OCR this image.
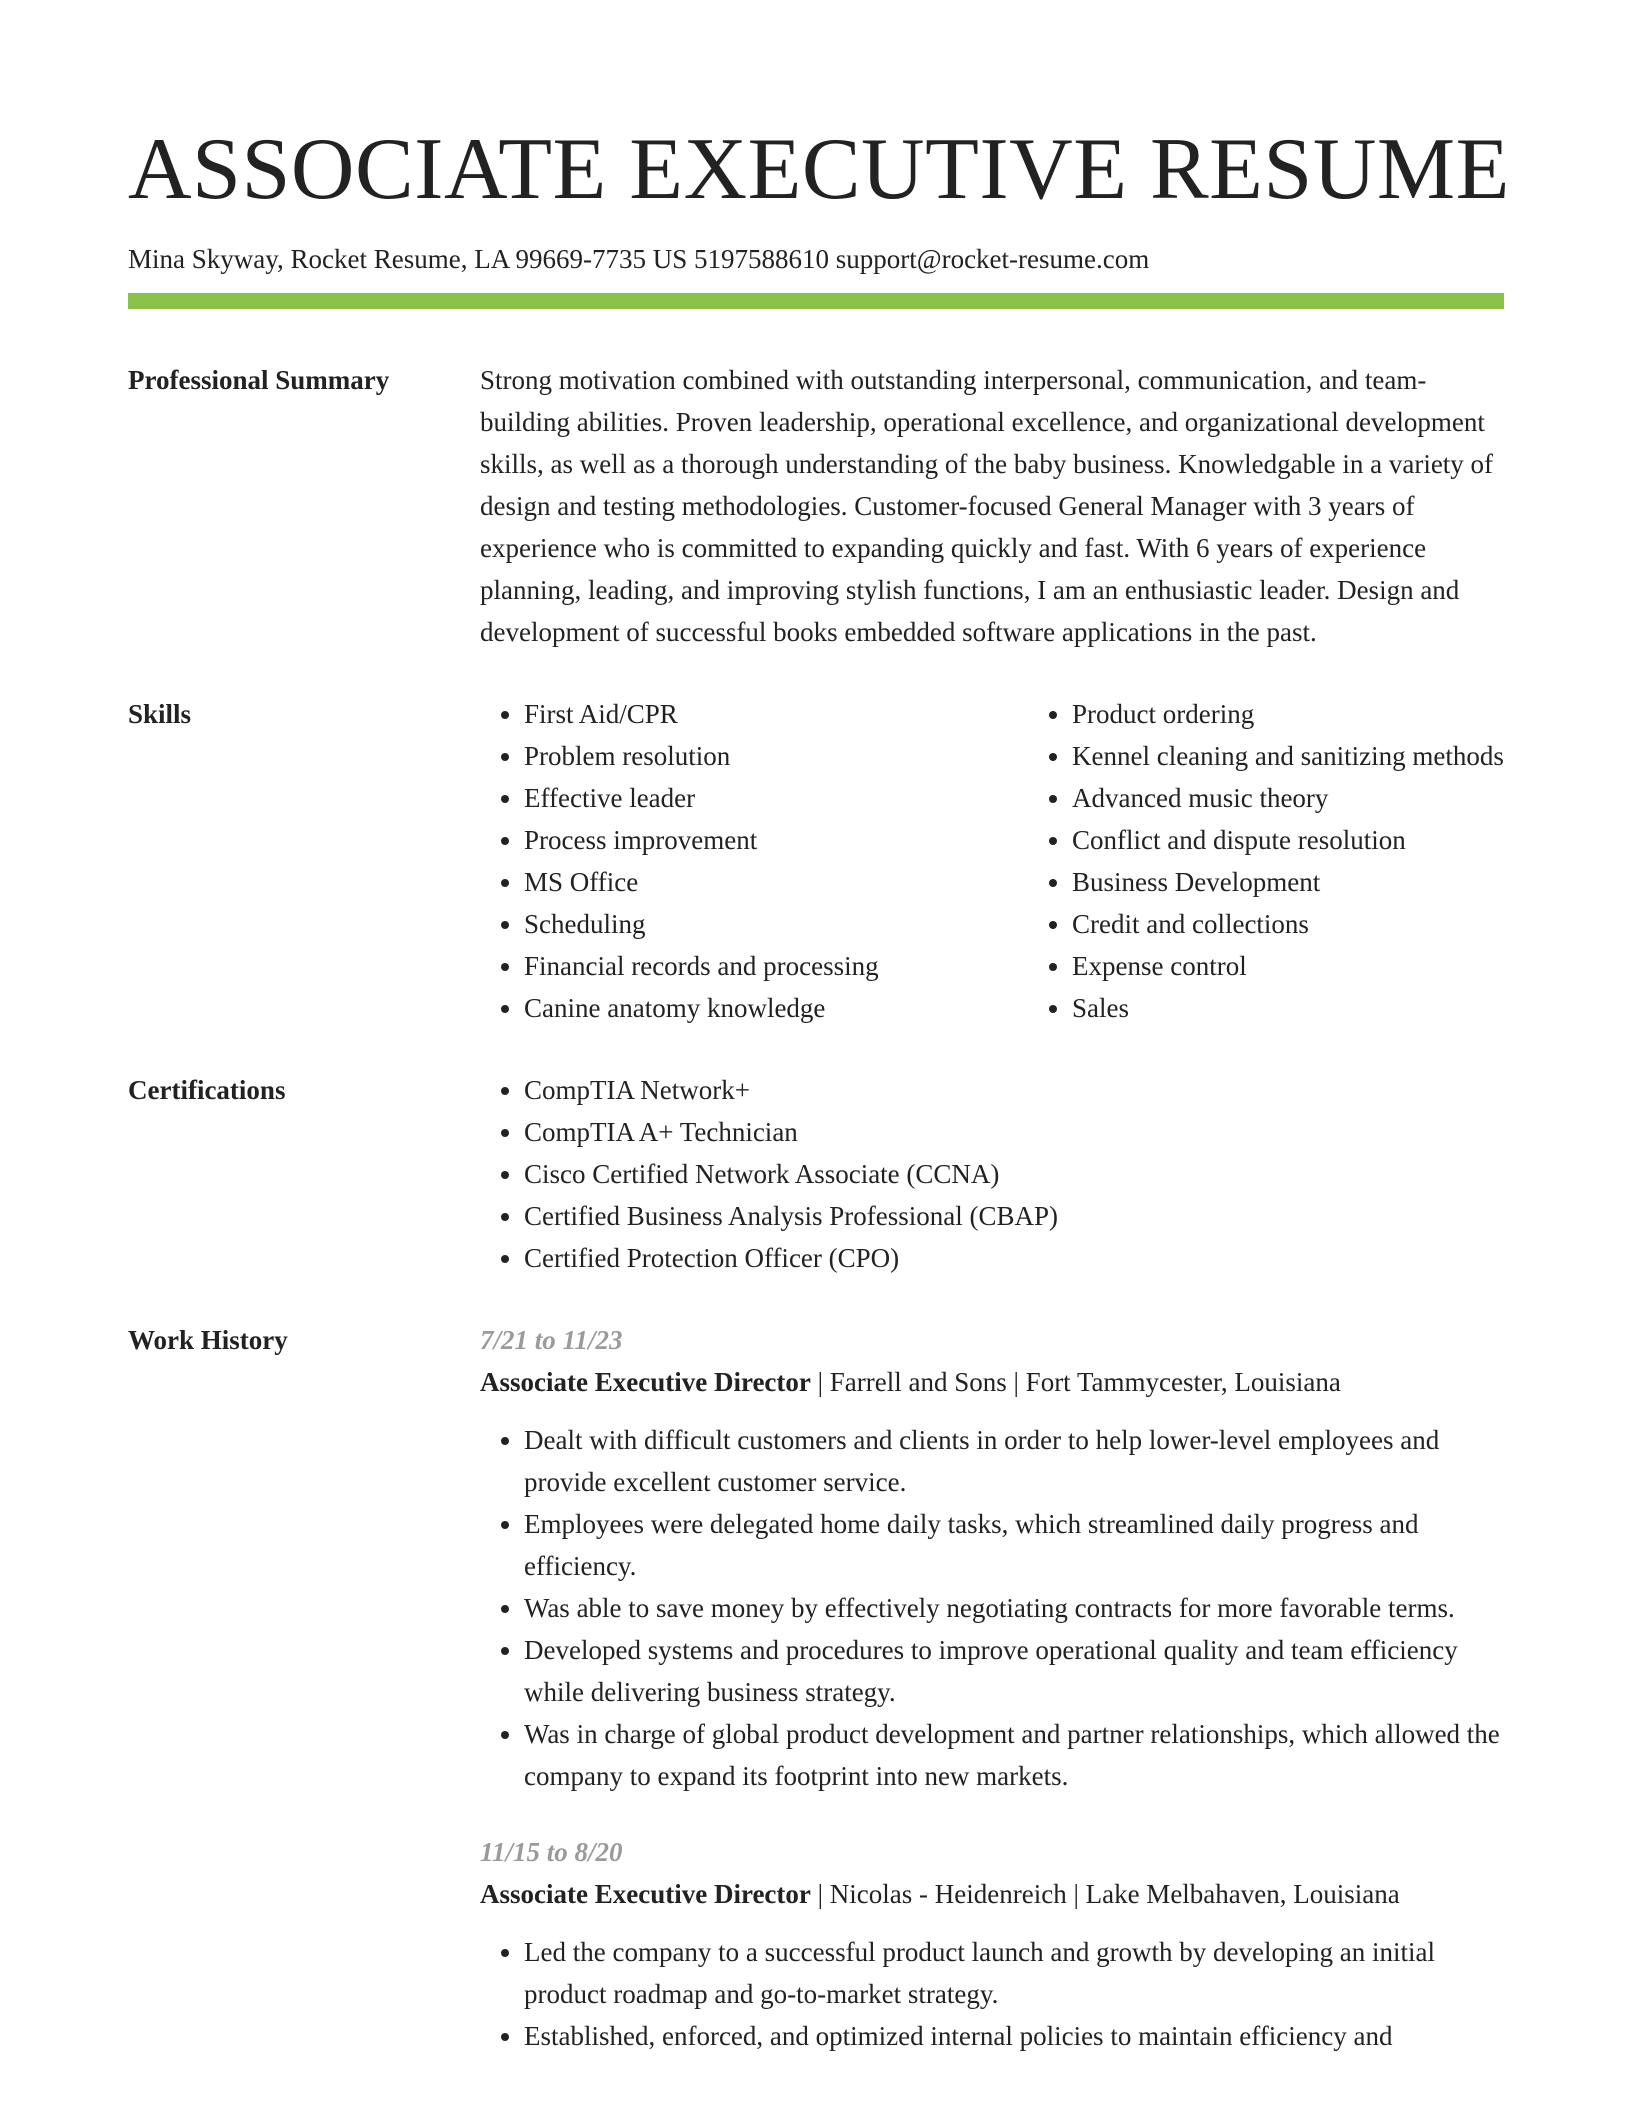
ASSOCIATE EXECUTIVE RESUME
Mina Skyway, Rocket Resume, LA 99669-7735 US 5197588610 support@rocket-resume.com
Professional Summary	Strong motivation combined with outstanding interpersonal, communication, and team-building abilities. Proven leadership, operational excellence, and organizational development skills, as well as a thorough understanding of the baby business. Knowledgable in a variety of design and testing methodologies. Customer-focused General Manager with 3 years of experience who is committed to expanding quickly and fast. With 6 years of experience planning, leading, and improving stylish functions, I am an enthusiastic leader. Design and development of successful books embedded software applications in the past.

Skills	• First Aid/CPR
• Problem resolution
• Effective leader
• Process improvement
• MS Office
• Scheduling
• Financial records and processing
• Canine anatomy knowledge
• Product ordering
• Kennel cleaning and sanitizing methods
• Advanced music theory
• Conflict and dispute resolution
• Business Development
• Credit and collections
• Expense control
• Sales
Certifications	• CompTIA Network+
• CompTIA A+ Technician
• Cisco Certified Network Associate (CCNA)
• Certified Business Analysis Professional (CBAP)
• Certified Protection Officer (CPO)
Work History	7/21 to 11/23
Associate Executive Director | Farrell and Sons | Fort Tammycester, Louisiana
• Dealt with difficult customers and clients in order to help lower-level employees and provide excellent customer service.
• Employees were delegated home daily tasks, which streamlined daily progress and efficiency.
• Was able to save money by effectively negotiating contracts for more favorable terms.
• Developed systems and procedures to improve operational quality and team efficiency while delivering business strategy.
• Was in charge of global product development and partner relationships, which allowed the company to expand its footprint into new markets.
11/15 to 8/20
Associate Executive Director | Nicolas - Heidenreich | Lake Melbahaven, Louisiana
• Led the company to a successful product launch and growth by developing an initial product roadmap and go-to-market strategy.
• Established, enforced, and optimized internal policies to maintain efficiency and
